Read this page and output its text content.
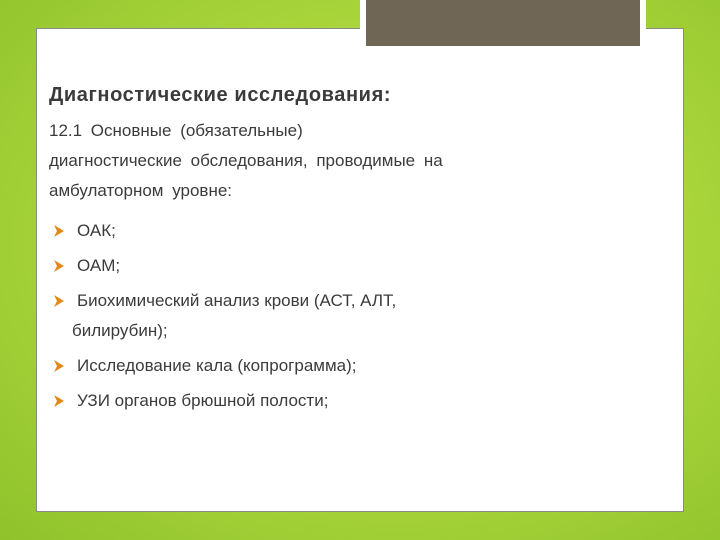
Диагностические исследования:

12.1 Основные (обязательные)
диагностические обследования, проводимые на
амбулаторном уровне:

ОАК;
ОАМ;
Биохимический анализ крови (АСТ, АЛТ,
билирубин);
Исследование кала (копрограмма);
УЗИ органов брюшной полости;
